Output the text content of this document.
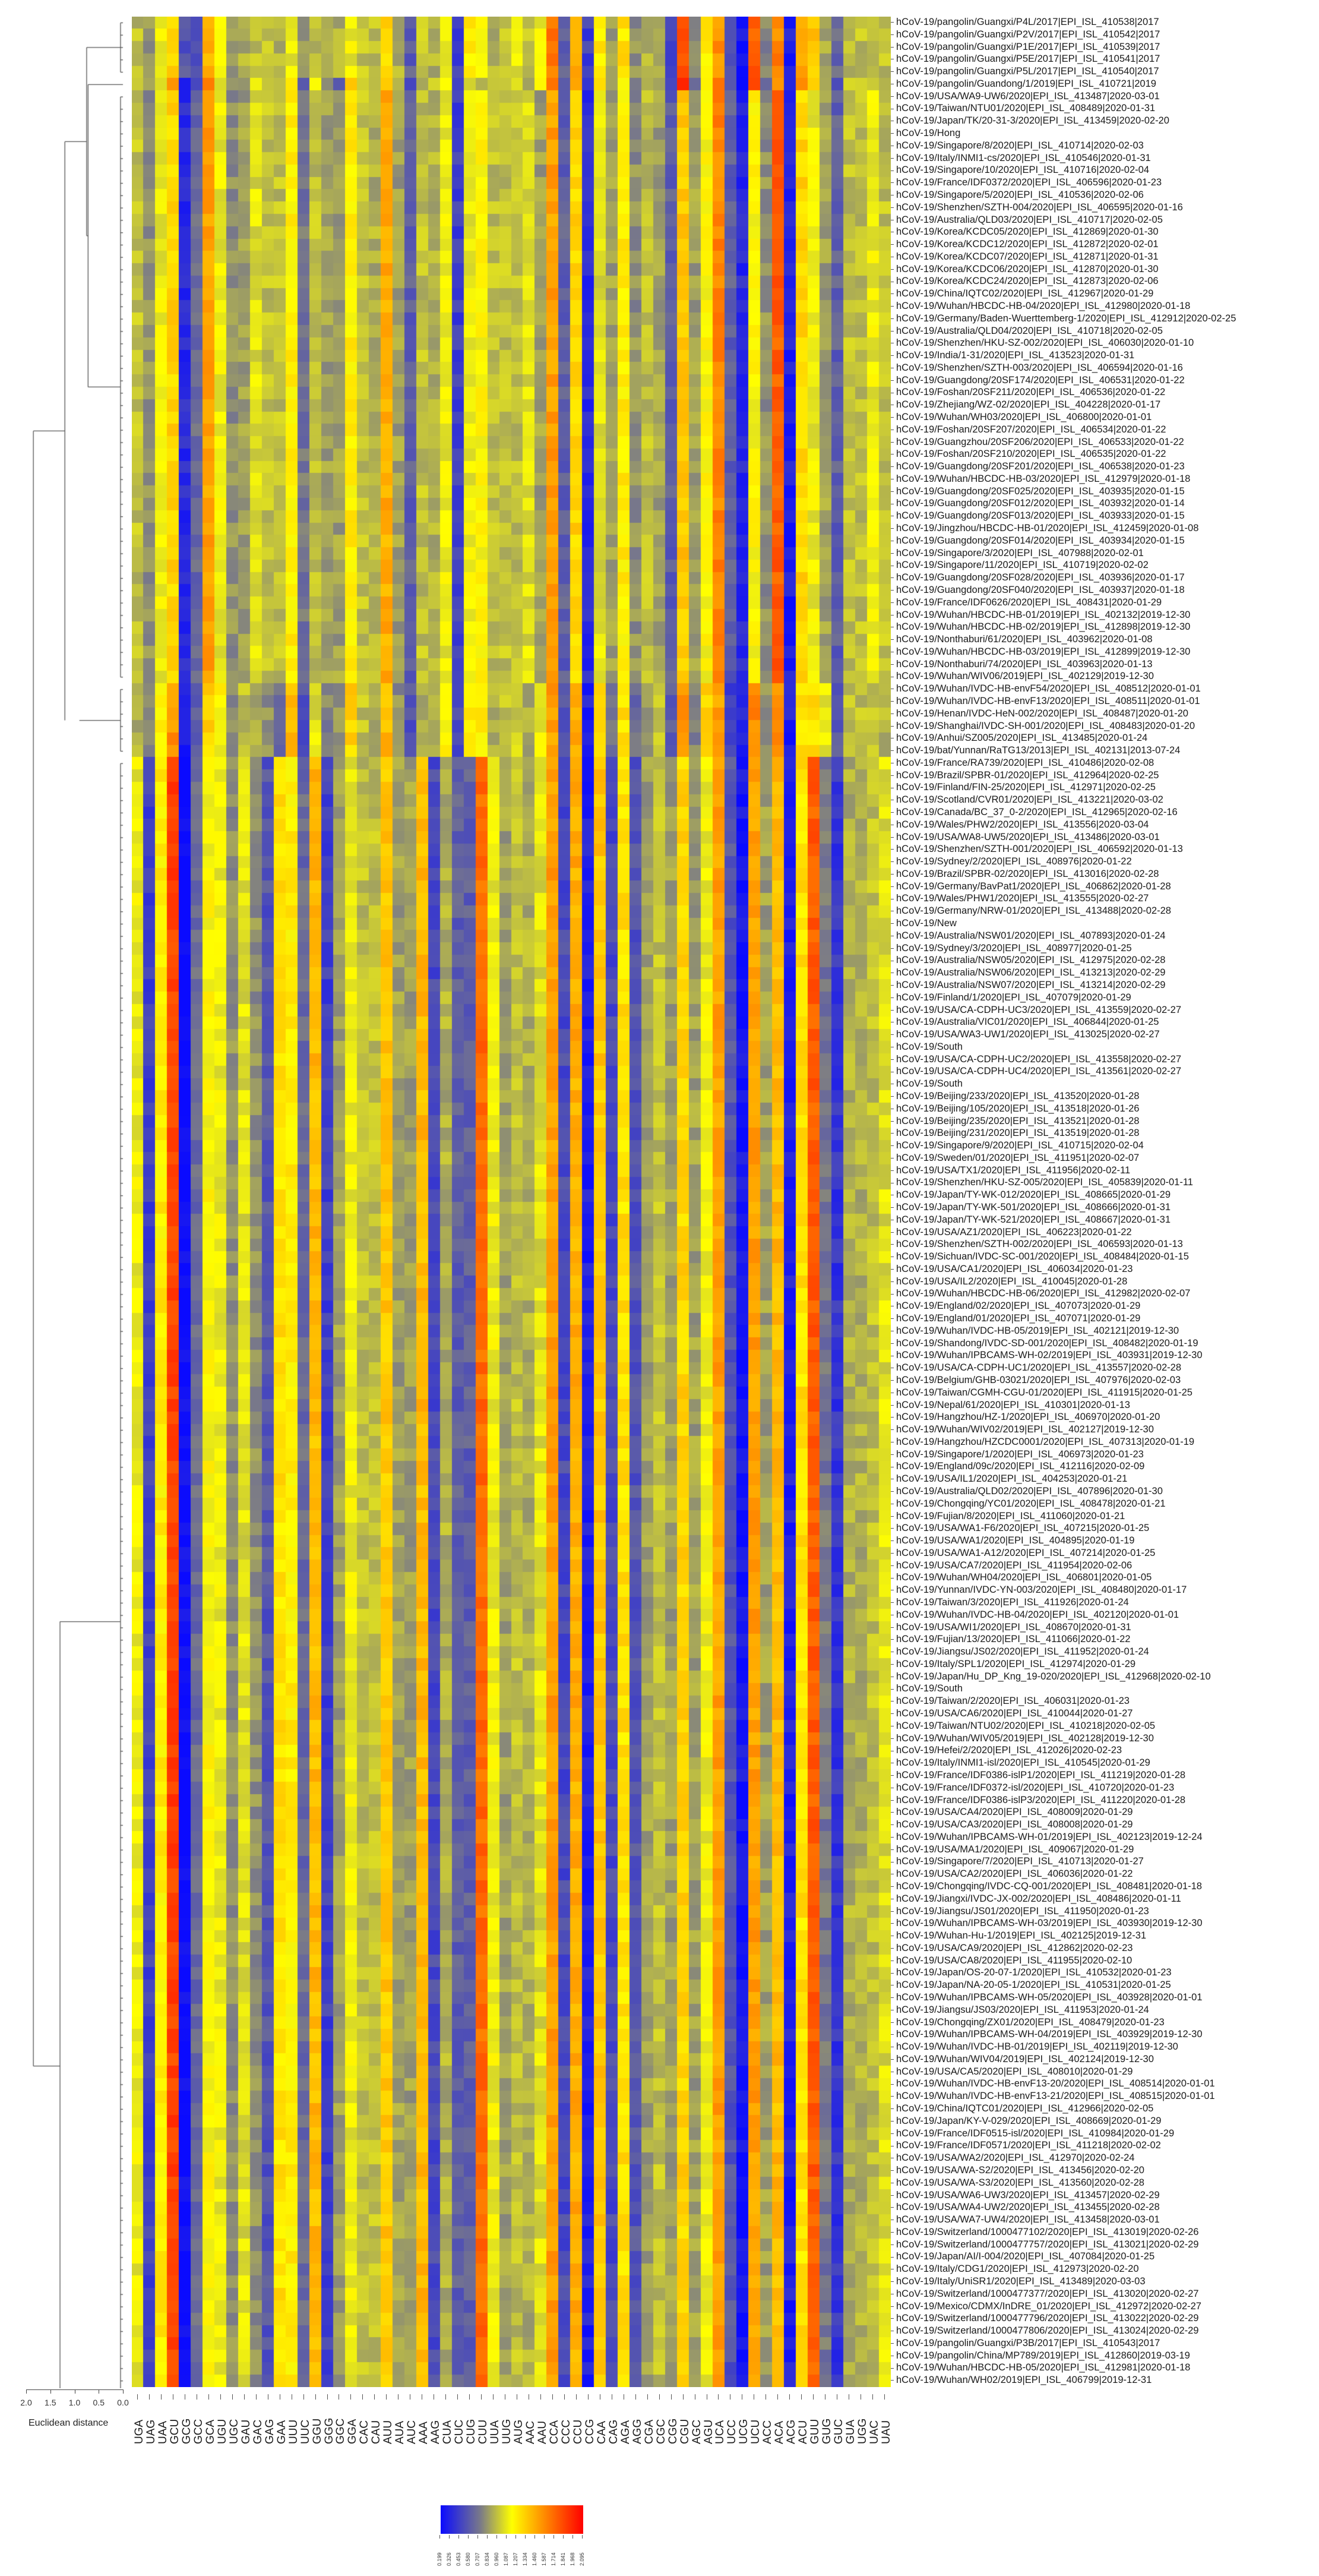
hCoV-19/pangolin/Guangxi/P4L/2017|EPI_ISL_410538|2017
hCoV-19/pangolin/Guangxi/P2V/2017|EPI_ISL_410542|2017
hCoV-19/pangolin/Guangxi/P1E/2017|EPI_ISL_410539|2017
hCoV-19/pangolin/Guangxi/P5E/2017|EPI_ISL_410541|2017
hCoV-19/pangolin/Guangxi/P5L/2017|EPI_ISL_410540|2017
hCoV-19/pangolin/Guandong/1/2019|EPI_ISL_410721|2019
hCoV-19/USA/WA9-UW6/2020|EPI_ISL_413487|2020-03-01
hCoV-19/Taiwan/NTU01/2020|EPI_ISL_408489|2020-01-31
hCoV-19/Japan/TK/20-31-3/2020|EPI_ISL_413459|2020-02-20
hCoV-19/Hong
hCoV-19/Singapore/8/2020|EPI_ISL_410714|2020-02-03
hCoV-19/Italy/INMI1-cs/2020|EPI_ISL_410546|2020-01-31
hCoV-19/Singapore/10/2020|EPI_ISL_410716|2020-02-04
hCoV-19/France/IDF0372/2020|EPI_ISL_406596|2020-01-23
hCoV-19/Singapore/5/2020|EPI_ISL_410536|2020-02-06
hCoV-19/Shenzhen/SZTH-004/2020|EPI_ISL_406595|2020-01-16
hCoV-19/Australia/QLD03/2020|EPI_ISL_410717|2020-02-05
hCoV-19/Korea/KCDC05/2020|EPI_ISL_412869|2020-01-30
hCoV-19/Korea/KCDC12/2020|EPI_ISL_412872|2020-02-01
hCoV-19/Korea/KCDC07/2020|EPI_ISL_412871|2020-01-31
hCoV-19/Korea/KCDC06/2020|EPI_ISL_412870|2020-01-30
hCoV-19/Korea/KCDC24/2020|EPI_ISL_412873|2020-02-06
hCoV-19/China/IQTC02/2020|EPI_ISL_412967|2020-01-29
hCoV-19/Wuhan/HBCDC-HB-04/2020|EPI_ISL_412980|2020-01-18
hCoV-19/Germany/Baden-Wuerttemberg-1/2020|EPI_ISL_412912|2020-02-25
hCoV-19/Australia/QLD04/2020|EPI_ISL_410718|2020-02-05
hCoV-19/Shenzhen/HKU-SZ-002/2020|EPI_ISL_406030|2020-01-10
hCoV-19/India/1-31/2020|EPI_ISL_413523|2020-01-31
hCoV-19/Shenzhen/SZTH-003/2020|EPI_ISL_406594|2020-01-16
hCoV-19/Guangdong/20SF174/2020|EPI_ISL_406531|2020-01-22
hCoV-19/Foshan/20SF211/2020|EPI_ISL_406536|2020-01-22
hCoV-19/Zhejiang/WZ-02/2020|EPI_ISL_404228|2020-01-17
hCoV-19/Wuhan/WH03/2020|EPI_ISL_406800|2020-01-01
hCoV-19/Foshan/20SF207/2020|EPI_ISL_406534|2020-01-22
hCoV-19/Guangzhou/20SF206/2020|EPI_ISL_406533|2020-01-22
hCoV-19/Foshan/20SF210/2020|EPI_ISL_406535|2020-01-22
hCoV-19/Guangdong/20SF201/2020|EPI_ISL_406538|2020-01-23
hCoV-19/Wuhan/HBCDC-HB-03/2020|EPI_ISL_412979|2020-01-18
hCoV-19/Guangdong/20SF025/2020|EPI_ISL_403935|2020-01-15
hCoV-19/Guangdong/20SF012/2020|EPI_ISL_403932|2020-01-14
hCoV-19/Guangdong/20SF013/2020|EPI_ISL_403933|2020-01-15
hCoV-19/Jingzhou/HBCDC-HB-01/2020|EPI_ISL_412459|2020-01-08
hCoV-19/Guangdong/20SF014/2020|EPI_ISL_403934|2020-01-15
hCoV-19/Singapore/3/2020|EPI_ISL_407988|2020-02-01
hCoV-19/Singapore/11/2020|EPI_ISL_410719|2020-02-02
hCoV-19/Guangdong/20SF028/2020|EPI_ISL_403936|2020-01-17
hCoV-19/Guangdong/20SF040/2020|EPI_ISL_403937|2020-01-18
hCoV-19/France/IDF0626/2020|EPI_ISL_408431|2020-01-29
hCoV-19/Wuhan/HBCDC-HB-01/2019|EPI_ISL_402132|2019-12-30
hCoV-19/Wuhan/HBCDC-HB-02/2019|EPI_ISL_412898|2019-12-30
hCoV-19/Nonthaburi/61/2020|EPI_ISL_403962|2020-01-08
hCoV-19/Wuhan/HBCDC-HB-03/2019|EPI_ISL_412899|2019-12-30
hCoV-19/Nonthaburi/74/2020|EPI_ISL_403963|2020-01-13
hCoV-19/Wuhan/WIV06/2019|EPI_ISL_402129|2019-12-30
hCoV-19/Wuhan/IVDC-HB-envF54/2020|EPI_ISL_408512|2020-01-01
hCoV-19/Wuhan/IVDC-HB-envF13/2020|EPI_ISL_408511|2020-01-01
hCoV-19/Henan/IVDC-HeN-002/2020|EPI_ISL_408487|2020-01-20
hCoV-19/Shanghai/IVDC-SH-001/2020|EPI_ISL_408483|2020-01-20
hCoV-19/Anhui/SZ005/2020|EPI_ISL_413485|2020-01-24
hCoV-19/bat/Yunnan/RaTG13/2013|EPI_ISL_402131|2013-07-24
hCoV-19/France/RA739/2020|EPI_ISL_410486|2020-02-08
hCoV-19/Brazil/SPBR-01/2020|EPI_ISL_412964|2020-02-25
hCoV-19/Finland/FIN-25/2020|EPI_ISL_412971|2020-02-25
hCoV-19/Scotland/CVR01/2020|EPI_ISL_413221|2020-03-02
hCoV-19/Canada/BC_37_0-2/2020|EPI_ISL_412965|2020-02-16
hCoV-19/Wales/PHW2/2020|EPI_ISL_413556|2020-03-04
hCoV-19/USA/WA8-UW5/2020|EPI_ISL_413486|2020-03-01
hCoV-19/Shenzhen/SZTH-001/2020|EPI_ISL_406592|2020-01-13
hCoV-19/Sydney/2/2020|EPI_ISL_408976|2020-01-22
hCoV-19/Brazil/SPBR-02/2020|EPI_ISL_413016|2020-02-28
hCoV-19/Germany/BavPat1/2020|EPI_ISL_406862|2020-01-28
hCoV-19/Wales/PHW1/2020|EPI_ISL_413555|2020-02-27
hCoV-19/Germany/NRW-01/2020|EPI_ISL_413488|2020-02-28
hCoV-19/New
hCoV-19/Australia/NSW01/2020|EPI_ISL_407893|2020-01-24
hCoV-19/Sydney/3/2020|EPI_ISL_408977|2020-01-25
hCoV-19/Australia/NSW05/2020|EPI_ISL_412975|2020-02-28
hCoV-19/Australia/NSW06/2020|EPI_ISL_413213|2020-02-29
hCoV-19/Australia/NSW07/2020|EPI_ISL_413214|2020-02-29
hCoV-19/Finland/1/2020|EPI_ISL_407079|2020-01-29
hCoV-19/USA/CA-CDPH-UC3/2020|EPI_ISL_413559|2020-02-27
hCoV-19/Australia/VIC01/2020|EPI_ISL_406844|2020-01-25
hCoV-19/USA/WA3-UW1/2020|EPI_ISL_413025|2020-02-27
hCoV-19/South
hCoV-19/USA/CA-CDPH-UC2/2020|EPI_ISL_413558|2020-02-27
hCoV-19/USA/CA-CDPH-UC4/2020|EPI_ISL_413561|2020-02-27
hCoV-19/South
hCoV-19/Beijing/233/2020|EPI_ISL_413520|2020-01-28
hCoV-19/Beijing/105/2020|EPI_ISL_413518|2020-01-26
hCoV-19/Beijing/235/2020|EPI_ISL_413521|2020-01-28
hCoV-19/Beijing/231/2020|EPI_ISL_413519|2020-01-28
hCoV-19/Singapore/9/2020|EPI_ISL_410715|2020-02-04
hCoV-19/Sweden/01/2020|EPI_ISL_411951|2020-02-07
hCoV-19/USA/TX1/2020|EPI_ISL_411956|2020-02-11
hCoV-19/Shenzhen/HKU-SZ-005/2020|EPI_ISL_405839|2020-01-11
hCoV-19/Japan/TY-WK-012/2020|EPI_ISL_408665|2020-01-29
hCoV-19/Japan/TY-WK-501/2020|EPI_ISL_408666|2020-01-31
hCoV-19/Japan/TY-WK-521/2020|EPI_ISL_408667|2020-01-31
hCoV-19/USA/AZ1/2020|EPI_ISL_406223|2020-01-22
hCoV-19/Shenzhen/SZTH-002/2020|EPI_ISL_406593|2020-01-13
hCoV-19/Sichuan/IVDC-SC-001/2020|EPI_ISL_408484|2020-01-15
hCoV-19/USA/CA1/2020|EPI_ISL_406034|2020-01-23
hCoV-19/USA/IL2/2020|EPI_ISL_410045|2020-01-28
hCoV-19/Wuhan/HBCDC-HB-06/2020|EPI_ISL_412982|2020-02-07
hCoV-19/England/02/2020|EPI_ISL_407073|2020-01-29
hCoV-19/England/01/2020|EPI_ISL_407071|2020-01-29
hCoV-19/Wuhan/IVDC-HB-05/2019|EPI_ISL_402121|2019-12-30
hCoV-19/Shandong/IVDC-SD-001/2020|EPI_ISL_408482|2020-01-19
hCoV-19/Wuhan/IPBCAMS-WH-02/2019|EPI_ISL_403931|2019-12-30
hCoV-19/USA/CA-CDPH-UC1/2020|EPI_ISL_413557|2020-02-28
hCoV-19/Belgium/GHB-03021/2020|EPI_ISL_407976|2020-02-03
hCoV-19/Taiwan/CGMH-CGU-01/2020|EPI_ISL_411915|2020-01-25
hCoV-19/Nepal/61/2020|EPI_ISL_410301|2020-01-13
hCoV-19/Hangzhou/HZ-1/2020|EPI_ISL_406970|2020-01-20
hCoV-19/Wuhan/WIV02/2019|EPI_ISL_402127|2019-12-30
hCoV-19/Hangzhou/HZCDC0001/2020|EPI_ISL_407313|2020-01-19
hCoV-19/Singapore/1/2020|EPI_ISL_406973|2020-01-23
hCoV-19/England/09c/2020|EPI_ISL_412116|2020-02-09
hCoV-19/USA/IL1/2020|EPI_ISL_404253|2020-01-21
hCoV-19/Australia/QLD02/2020|EPI_ISL_407896|2020-01-30
hCoV-19/Chongqing/YC01/2020|EPI_ISL_408478|2020-01-21
hCoV-19/Fujian/8/2020|EPI_ISL_411060|2020-01-21
hCoV-19/USA/WA1-F6/2020|EPI_ISL_407215|2020-01-25
hCoV-19/USA/WA1/2020|EPI_ISL_404895|2020-01-19
hCoV-19/USA/WA1-A12/2020|EPI_ISL_407214|2020-01-25
hCoV-19/USA/CA7/2020|EPI_ISL_411954|2020-02-06
hCoV-19/Wuhan/WH04/2020|EPI_ISL_406801|2020-01-05
hCoV-19/Yunnan/IVDC-YN-003/2020|EPI_ISL_408480|2020-01-17
hCoV-19/Taiwan/3/2020|EPI_ISL_411926|2020-01-24
hCoV-19/Wuhan/IVDC-HB-04/2020|EPI_ISL_402120|2020-01-01
hCoV-19/USA/WI1/2020|EPI_ISL_408670|2020-01-31
hCoV-19/Fujian/13/2020|EPI_ISL_411066|2020-01-22
hCoV-19/Jiangsu/JS02/2020|EPI_ISL_411952|2020-01-24
hCoV-19/Italy/SPL1/2020|EPI_ISL_412974|2020-01-29
hCoV-19/Japan/Hu_DP_Kng_19-020/2020|EPI_ISL_412968|2020-02-10
hCoV-19/South
hCoV-19/Taiwan/2/2020|EPI_ISL_406031|2020-01-23
hCoV-19/USA/CA6/2020|EPI_ISL_410044|2020-01-27
hCoV-19/Taiwan/NTU02/2020|EPI_ISL_410218|2020-02-05
hCoV-19/Wuhan/WIV05/2019|EPI_ISL_402128|2019-12-30
hCoV-19/Hefei/2/2020|EPI_ISL_412026|2020-02-23
hCoV-19/Italy/INMI1-isl/2020|EPI_ISL_410545|2020-01-29
hCoV-19/France/IDF0386-islP1/2020|EPI_ISL_411219|2020-01-28
hCoV-19/France/IDF0372-isl/2020|EPI_ISL_410720|2020-01-23
hCoV-19/France/IDF0386-islP3/2020|EPI_ISL_411220|2020-01-28
hCoV-19/USA/CA4/2020|EPI_ISL_408009|2020-01-29
hCoV-19/USA/CA3/2020|EPI_ISL_408008|2020-01-29
hCoV-19/Wuhan/IPBCAMS-WH-01/2019|EPI_ISL_402123|2019-12-24
hCoV-19/USA/MA1/2020|EPI_ISL_409067|2020-01-29
hCoV-19/Singapore/7/2020|EPI_ISL_410713|2020-01-27
hCoV-19/USA/CA2/2020|EPI_ISL_406036|2020-01-22
hCoV-19/Chongqing/IVDC-CQ-001/2020|EPI_ISL_408481|2020-01-18
hCoV-19/Jiangxi/IVDC-JX-002/2020|EPI_ISL_408486|2020-01-11
hCoV-19/Jiangsu/JS01/2020|EPI_ISL_411950|2020-01-23
hCoV-19/Wuhan/IPBCAMS-WH-03/2019|EPI_ISL_403930|2019-12-30
hCoV-19/Wuhan-Hu-1/2019|EPI_ISL_402125|2019-12-31
hCoV-19/USA/CA9/2020|EPI_ISL_412862|2020-02-23
hCoV-19/USA/CA8/2020|EPI_ISL_411955|2020-02-10
hCoV-19/Japan/OS-20-07-1/2020|EPI_ISL_410532|2020-01-23
hCoV-19/Japan/NA-20-05-1/2020|EPI_ISL_410531|2020-01-25
hCoV-19/Wuhan/IPBCAMS-WH-05/2020|EPI_ISL_403928|2020-01-01
hCoV-19/Jiangsu/JS03/2020|EPI_ISL_411953|2020-01-24
hCoV-19/Chongqing/ZX01/2020|EPI_ISL_408479|2020-01-23
hCoV-19/Wuhan/IPBCAMS-WH-04/2019|EPI_ISL_403929|2019-12-30
hCoV-19/Wuhan/IVDC-HB-01/2019|EPI_ISL_402119|2019-12-30
hCoV-19/Wuhan/WIV04/2019|EPI_ISL_402124|2019-12-30
hCoV-19/USA/CA5/2020|EPI_ISL_408010|2020-01-29
hCoV-19/Wuhan/IVDC-HB-envF13-20/2020|EPI_ISL_408514|2020-01-01
hCoV-19/Wuhan/IVDC-HB-envF13-21/2020|EPI_ISL_408515|2020-01-01
hCoV-19/China/IQTC01/2020|EPI_ISL_412966|2020-02-05
hCoV-19/Japan/KY-V-029/2020|EPI_ISL_408669|2020-01-29
hCoV-19/France/IDF0515-isl/2020|EPI_ISL_410984|2020-01-29
hCoV-19/France/IDF0571/2020|EPI_ISL_411218|2020-02-02
hCoV-19/USA/WA2/2020|EPI_ISL_412970|2020-02-24
hCoV-19/USA/WA-S2/2020|EPI_ISL_413456|2020-02-20
hCoV-19/USA/WA-S3/2020|EPI_ISL_413560|2020-02-28
hCoV-19/USA/WA6-UW3/2020|EPI_ISL_413457|2020-02-29
hCoV-19/USA/WA4-UW2/2020|EPI_ISL_413455|2020-02-28
hCoV-19/USA/WA7-UW4/2020|EPI_ISL_413458|2020-03-01
hCoV-19/Switzerland/1000477102/2020|EPI_ISL_413019|2020-02-26
hCoV-19/Switzerland/1000477757/2020|EPI_ISL_413021|2020-02-29
hCoV-19/Japan/AI/I-004/2020|EPI_ISL_407084|2020-01-25
hCoV-19/Italy/CDG1/2020|EPI_ISL_412973|2020-02-20
hCoV-19/Italy/UniSR1/2020|EPI_ISL_413489|2020-03-03
hCoV-19/Switzerland/1000477377/2020|EPI_ISL_413020|2020-02-27
hCoV-19/Mexico/CDMX/InDRE_01/2020|EPI_ISL_412972|2020-02-27
hCoV-19/Switzerland/1000477796/2020|EPI_ISL_413022|2020-02-29
hCoV-19/Switzerland/1000477806/2020|EPI_ISL_413024|2020-02-29
hCoV-19/pangolin/Guangxi/P3B/2017|EPI_ISL_410543|2017
hCoV-19/pangolin/China/MP789/2019|EPI_ISL_412860|2019-03-19
hCoV-19/Wuhan/HBCDC-HB-05/2020|EPI_ISL_412981|2020-01-18
hCoV-19/Wuhan/WH02/2019|EPI_ISL_406799|2019-12-31
UGA
UAG
UAA
GCU
GCG
GCC
GCA
UGU
UGC
GAU
GAC
GAG
GAA
UUU
UUC
GGU
GGG
GGC
GGA
CAC
CAU
AUU
AUA
AUC
AAA
AAG
CUA
CUC
CUG
CUU
UUA
UUG
AUG
AAC
AAU
CCA
CCC
CCU
CCG
CAA
CAG
AGA
AGG
CGA
CGC
CGG
CGU
AGC
AGU
UCA
UCC
UCG
UCU
ACC
ACA
ACG
ACU
GUU
GUG
GUC
GUA
UGG
UAC
UAU
2.0 1.5 1.0 0.5 0.0
Euclidean distance
0.199 0.326 0.453 0.580 0.707 0.834 0.960 1.087 1.207 1.334 1.460 1.587 1.714 1.841 1.968 2.095
